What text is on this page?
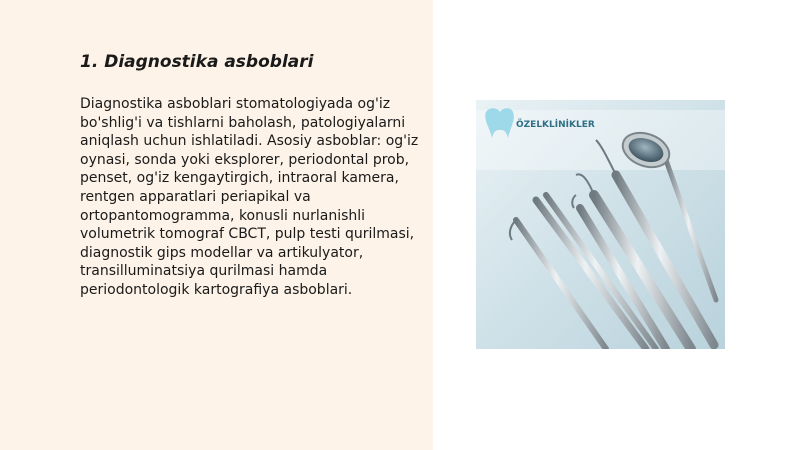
1. Diagnostika asboblari

Diagnostika asboblari stomatologiyada og'iz bo'shlig'i va tishlarni baholash, patologiyalarni aniqlash uchun ishlatiladi. Asosiy asboblar: og'iz oynasi, sonda yoki eksplorer, periodontal prob, penset, og'iz kengaytirgich, intraoral kamera, rentgen apparatlari periapikal va ortopantomogramma, konusli nurlanishli volumetrik tomograf CBCT, pulp testi qurilmasi, diagnostik gips modellar va artikulyator, transilluminatsiya qurilmasi hamda periodontologik kartografiya asboblari.

ÖZELKLİNİKLER
